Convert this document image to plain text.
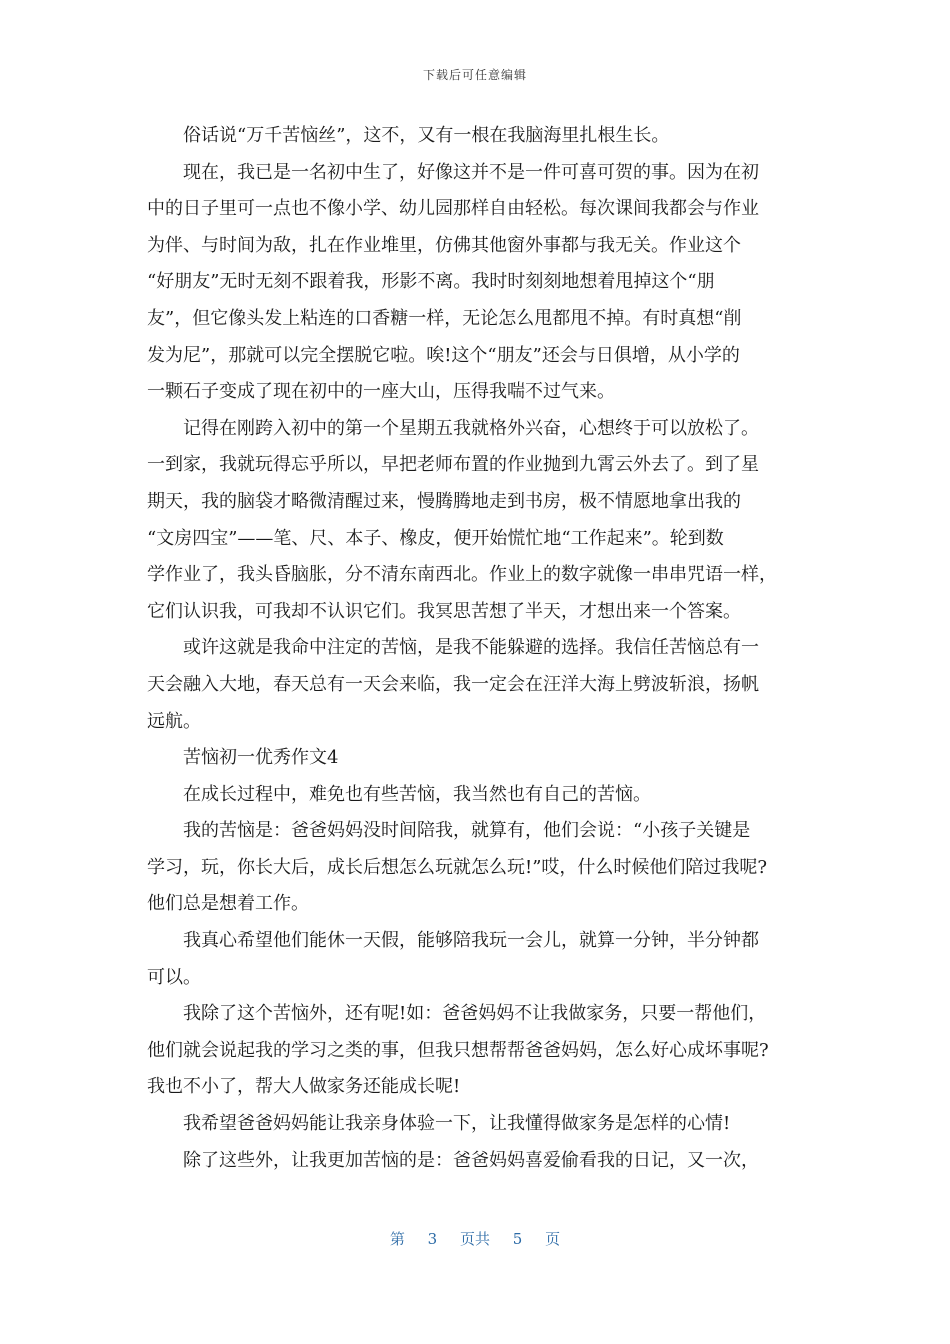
下载后可任意编辑

俗话说“万千苦恼丝”，这不，又有一根在我脑海里扎根生长。

现在，我已是一名初中生了，好像这并不是一件可喜可贺的事。因为在初
中的日子里可一点也不像小学、幼儿园那样自由轻松。每次课间我都会与作业
为伴、与时间为敌，扎在作业堆里，仿佛其他窗外事都与我无关。作业这个
“好朋友”无时无刻不跟着我，形影不离。我时时刻刻地想着甩掉这个“朋
友”，但它像头发上粘连的口香糖一样，无论怎么甩都甩不掉。有时真想“削
发为尼”，那就可以完全摆脱它啦。唉!这个“朋友”还会与日俱增，从小学的
一颗石子变成了现在初中的一座大山，压得我喘不过气来。

记得在刚跨入初中的第一个星期五我就格外兴奋，心想终于可以放松了。
一到家，我就玩得忘乎所以，早把老师布置的作业抛到九霄云外去了。到了星
期天，我的脑袋才略微清醒过来，慢腾腾地走到书房，极不情愿地拿出我的
“文房四宝”——笔、尺、本子、橡皮，便开始慌忙地“工作起来”。轮到数
学作业了，我头昏脑胀，分不清东南西北。作业上的数字就像一串串咒语一样，
它们认识我，可我却不认识它们。我冥思苦想了半天，才想出来一个答案。

或许这就是我命中注定的苦恼，是我不能躲避的选择。我信任苦恼总有一
天会融入大地，春天总有一天会来临，我一定会在汪洋大海上劈波斩浪，扬帆
远航。

苦恼初一优秀作文4

在成长过程中，难免也有些苦恼，我当然也有自己的苦恼。

我的苦恼是：爸爸妈妈没时间陪我，就算有，他们会说：“小孩子关键是
学习，玩，你长大后，成长后想怎么玩就怎么玩!”哎，什么时候他们陪过我呢?
他们总是想着工作。

我真心希望他们能休一天假，能够陪我玩一会儿，就算一分钟，半分钟都
可以。

我除了这个苦恼外，还有呢!如：爸爸妈妈不让我做家务，只要一帮他们，
他们就会说起我的学习之类的事，但我只想帮帮爸爸妈妈，怎么好心成坏事呢?
我也不小了，帮大人做家务还能成长呢!

我希望爸爸妈妈能让我亲身体验一下，让我懂得做家务是怎样的心情!

除了这些外，让我更加苦恼的是：爸爸妈妈喜爱偷看我的日记，又一次，

第 3 页共 5 页
